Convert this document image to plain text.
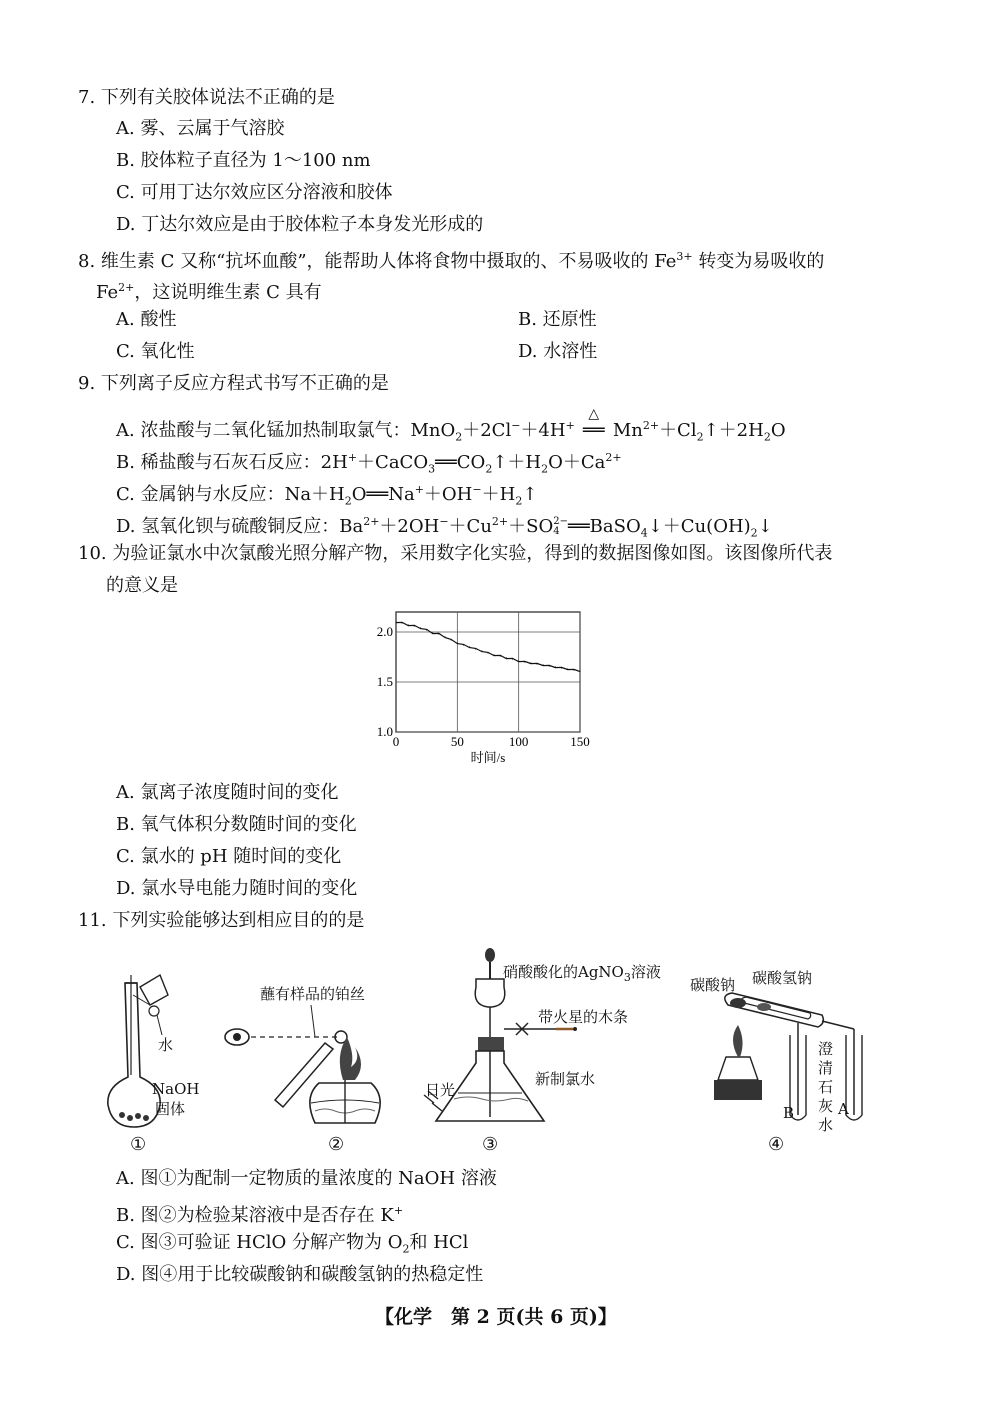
7. 下列有关胶体说法不正确的是
A. 雾、云属于气溶胶
B. 胶体粒子直径为 1～100 nm
C. 可用丁达尔效应区分溶液和胶体
D. 丁达尔效应是由于胶体粒子本身发光形成的
8. 维生素 C 又称“抗坏血酸”，能帮助人体将食物中摄取的、不易吸收的 $Fe^{3+}$ 转变为易吸收的
$Fe^{2+}$，这说明维生素 C 具有
A. 酸性	B. 还原性
C. 氧化性	D. 水溶性
9. 下列离子反应方程式书写不正确的是
A. 浓盐酸与二氧化锰加热制取氯气：MnO$_2$＋2Cl−＋4H+
△
══ $Mn^{2+}+Cl_2↑+2H_2O$
B. 稀盐酸与石灰石反应：$2H^++CaCO_3══CO_2↑+H_2O+Ca^{2+}$
C. 金属钠与水反应：$Na+H_2O══Na^++OH^-+H_2↑$
D. 氢氧化钡与硫酸铜反应：$Ba^{2+}+2OH^-+Cu^{2+}+SO$ 2−
4 $══BaSO_4↓+Cu(OH)_2↓$
10. 为验证氯水中次氯酸光照分解产物，采用数字化实验，得到的数据图像如图。该图像所代表
的意义是
0	50	100	150
1.0
1.5
2.0
时间/s
A. 氯离子浓度随时间的变化
B. 氧气体积分数随时间的变化
C. 氯水的 pH 随时间的变化
D. 氯水导电能力随时间的变化
11. 下列实验能够达到相应目的的是
水
NaOH
固体
①
蘸有样品的铂丝
②
硝酸酸化的AgNO$_3$溶液
带火星的木条
日光
新制氯水
③
碳酸钠 碳酸氢钠
澄清石灰水
A
B
④
A. 图①为配制一定物质的量浓度的 NaOH 溶液
B. 图②为检验某溶液中是否存在 K+
C. 图③可验证 HClO 分解产物为 $O_2$和 HCl
D. 图④用于比较碳酸钠和碳酸氢钠的热稳定性
【化学　第 2 页(共 6 页)】
